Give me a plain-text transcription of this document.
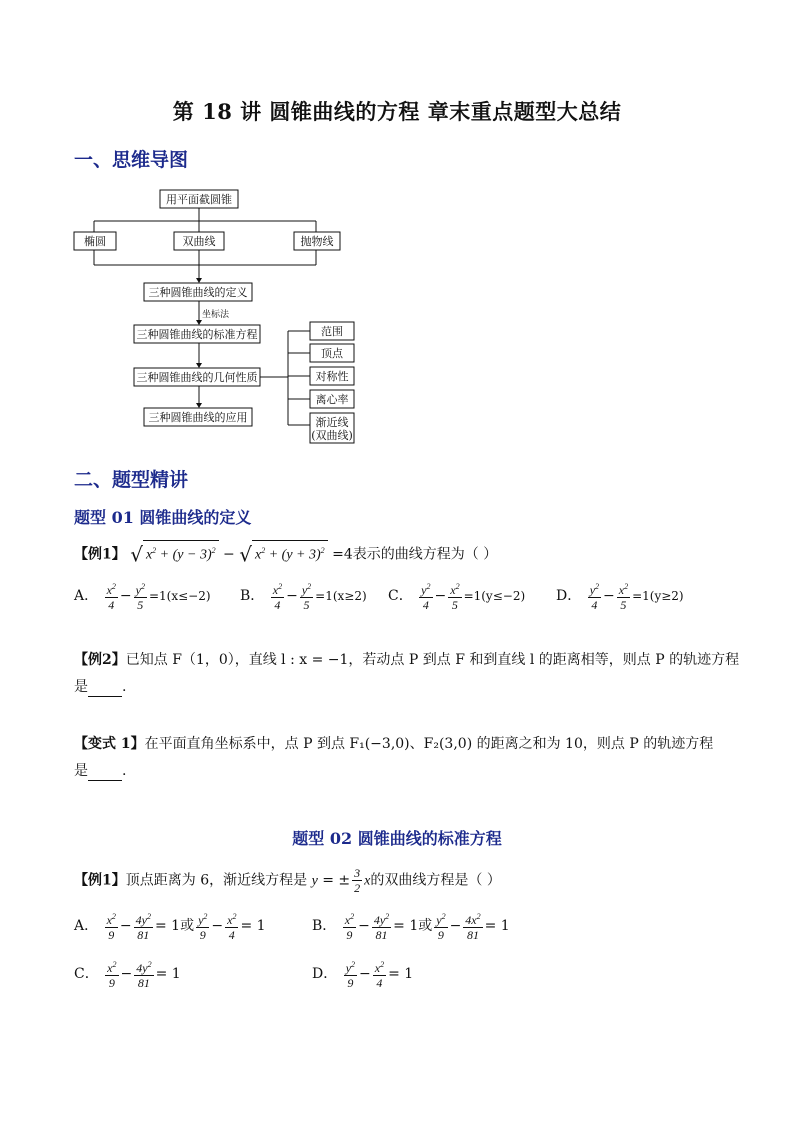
第 18 讲 圆锥曲线的方程 章末重点题型大总结
一、思维导图
用平面截圆锥
椭圆	双曲线	抛物线
三种圆锥曲线的定义
坐标法
三种圆锥曲线的标准方程
三种圆锥曲线的几何性质
三种圆锥曲线的应用
范围
顶点
对称性
离心率
渐近线
(双曲线)
二、题型精讲
题型 01 圆锥曲线的定义
【例1】 √ $x^2 + (y - 3)^2$ − √ $x^2 + (y + 3)^2 =4$表示的曲线方程为（ ）
A． $\frac{x^2}{4} - \frac{y^2}{5} =1(x\le-2)$ B． $\frac{x^2}{4} - \frac{y^2}{5} =1(x\ge 2)$ C． $\frac{y^2}{4} - \frac{x^2}{5} =1(y\le-2)$ D． $\frac{y^2}{4} - \frac{x^2}{5} =1(y\ge 2)$
【例2】已知点 F（1，0），直线 l : x = −1，若动点 P 到点 F 和到直线 l 的距离相等，则点 P 的轨迹方程
是 .
【变式 1】在平面直角坐标系中，点 P 到点 F₁(−3,0)、F₂(3,0) 的距离之和为 10，则点 P 的轨迹方程
是 .
题型 02 圆锥曲线的标准方程
【例1】顶点距离为 6，渐近线方程是 y = ± $\frac{3}{2}$ x的双曲线方程是（ ）
A． $\frac{x^2}{9} - \frac{4y^2}{81} = 1$或 $\frac{y^2}{9} - \frac{x^2}{4} = 1$	B． $\frac{x^2}{9} - \frac{4y^2}{81} = 1$或 $\frac{y^2}{9} - \frac{4x^2}{81} = 1$
C． $\frac{x^2}{9} - \frac{4y^2}{81} = 1$	D． $\frac{y^2}{9} - \frac{x^2}{4} = 1$
